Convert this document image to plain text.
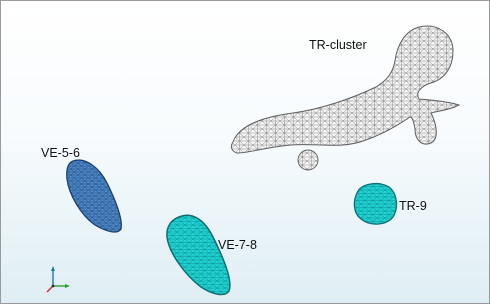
TR-cluster
VE-5-6
VE-7-8
TR-9
